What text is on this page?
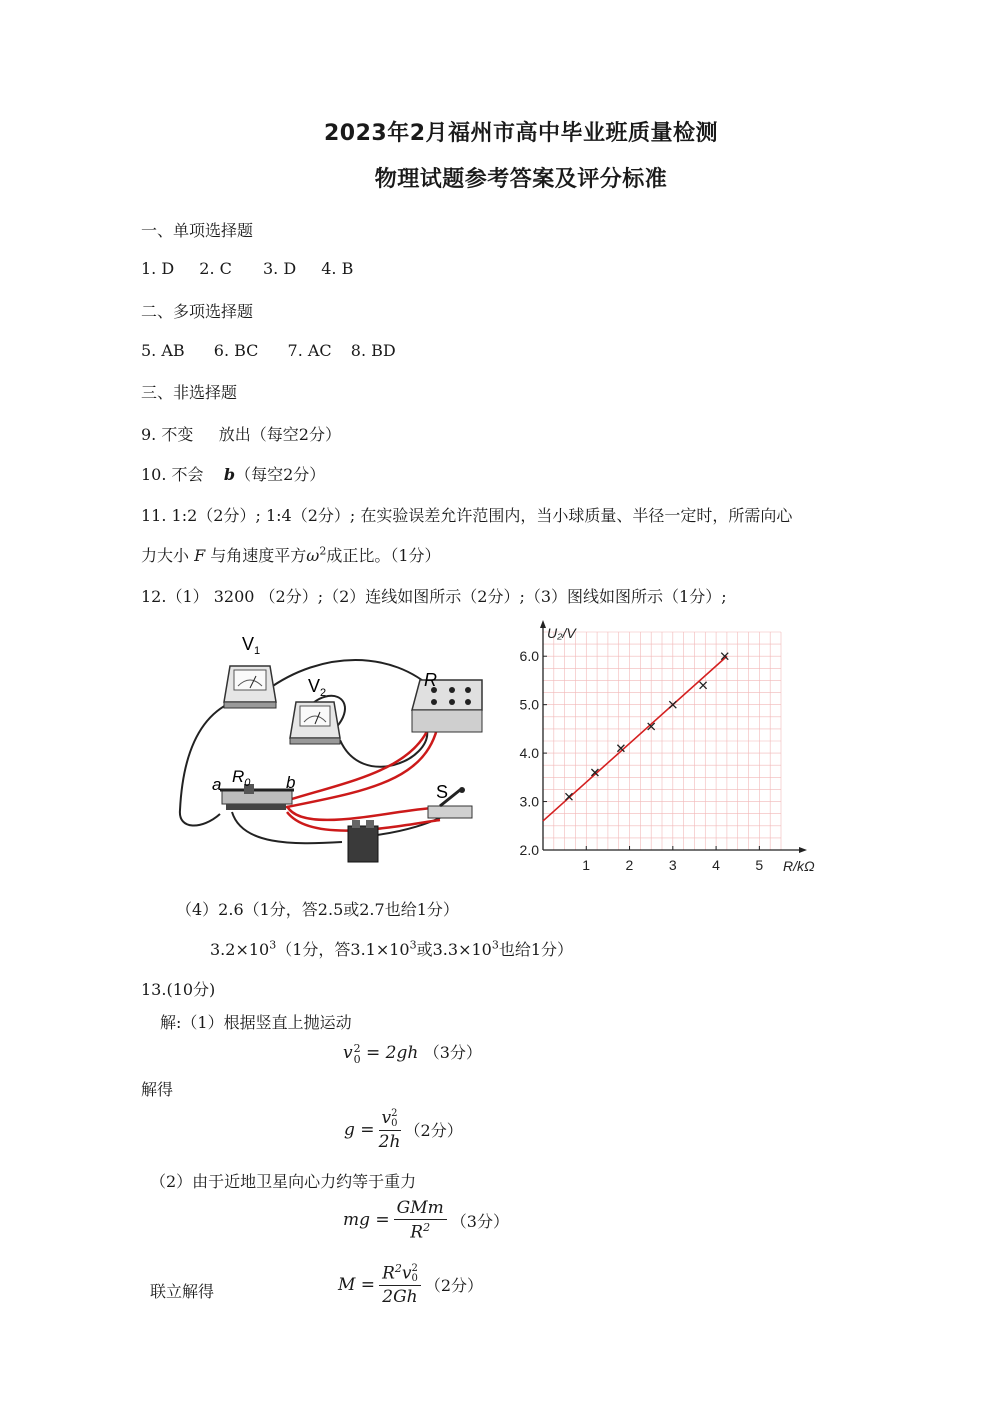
2023年2月福州市高中毕业班质量检测
物理试题参考答案及评分标准
一、单项选择题
1. D 2. C 3. D 4. B
二、多项选择题
5. AB 6. BC 7. AC 8. BD
三、非选择题
9. 不变     放出（每空2分）
10. 不会    b（每空2分）
11. 1:2（2分）; 1:4（2分）; 在实验误差允许范围内，当小球质量、半径一定时，所需向心
力大小 F 与角速度平方$\omega^2$成正比。（1分）
12.（1） 3200 （2分）;（2）连线如图所示（2分）;（3）图线如图所示（1分）;
$V_1$
$V_2$
R
a $R_0$ b	S
1	2	3	4	5
2.0
3.0
4.0
5.0
6.0
R/kΩ
U₂/V
（4）2.6（1分，答2.5或2.7也给1分）
$3.2\times 10^3(1$分，答$3.1\times 10^3$或$3.3\times 10^3$也给1分）
13.(10分)
解:（1）根据竖直上抛运动
v 2
0 = 2gh （3分）
解得
g = v 2
0
2h （2分）
（2）由于近地卫星向心力约等于重力
mg = $\frac{\text{GMm}}{R^2} (3$分）
联立解得	$M = R^2v$ 2
0
2Gh （2分）
